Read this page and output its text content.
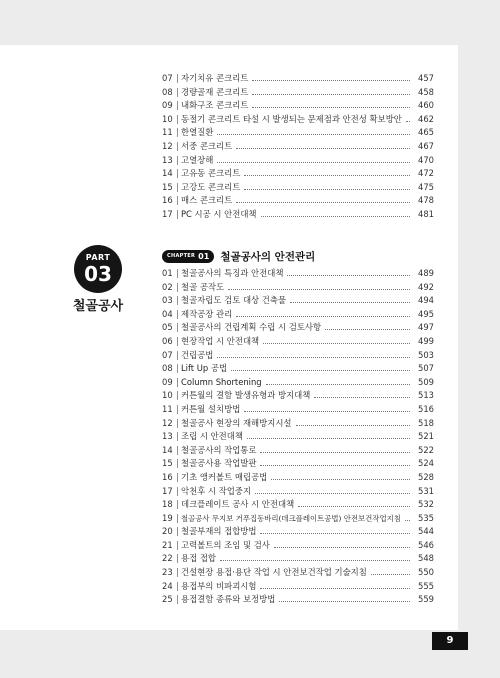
07 | 자기치유 콘크리트	457
08 | 경량골재 콘크리트	458
09 | 내화구조 콘크리트	460
10 | 동절기 콘크리트 타설 시 발생되는 문제점과 안전성 확보방안	462
11 | 한열질환	465
12 | 서중 콘크리트	467
13 | 고열장해	470
14 | 고유동 콘크리트	472
15 | 고강도 콘크리트	475
16 | 매스 콘크리트	478
17 | PC 시공 시 안전대책	481
PART
03
철골공사
CHAPTER 01 철골공사의 안전관리
01 | 철골공사의 특징과 안전대책	489
02 | 철골 공작도	492
03 | 철골자립도 검토 대상 건축물	494
04 | 제작공장 관리	495
05 | 철골공사의 건립계획 수립 시 검토사항	497
06 | 현장작업 시 안전대책	499
07 | 건립공법	503
08 | Lift Up 공법	507
09 | Column Shortening	509
10 | 커튼월의 결함 발생유형과 방지대책	513
11 | 커튼월 설치방법	516
12 | 철골공사 현장의 재해방지시설	518
13 | 조립 시 안전대책	521
14 | 철골공사의 작업통로	522
15 | 철골공사용 작업발판	524
16 | 기초 앵커볼트 매립공법	528
17 | 악천후 시 작업중지	531
18 | 데크플레이트 공사 시 안전대책	532
19 | 철골공사 무지보 거푸집동바리(데크플레이트공법) 안전보건작업지침	535
20 | 철골부재의 접합방법	544
21 | 고력볼트의 조임 및 검사	546
22 | 용접 접합	548
23 | 건설현장 용접·용단 작업 시 안전보건작업 기술지침	550
24 | 용접부의 비파괴시험	555
25 | 용접결함 종류와 보정방법	559
9
